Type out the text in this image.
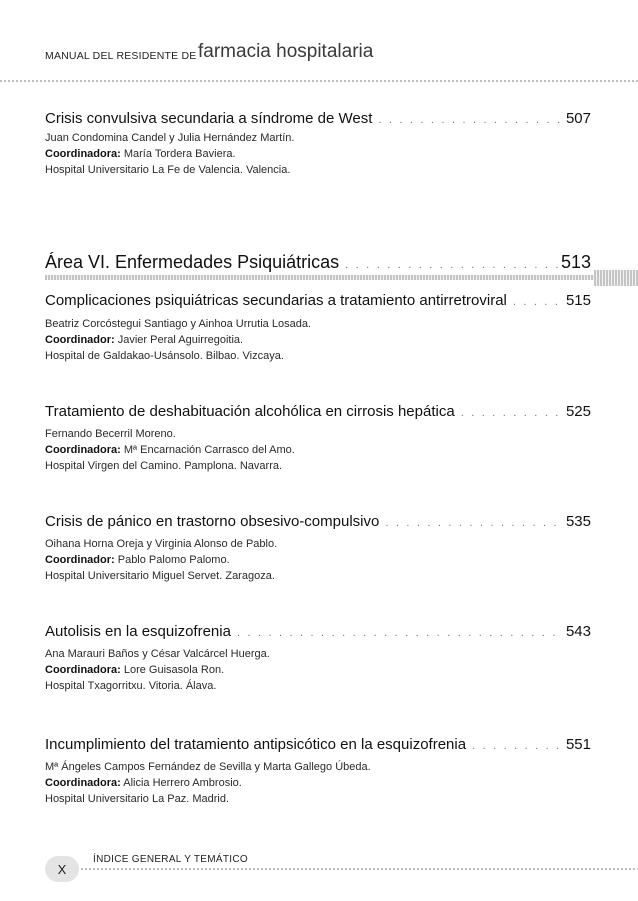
MANUAL DEL RESIDENTE DE farmacia hospitalaria
Crisis convulsiva secundaria a síndrome de West . . .	507
Juan Condomina Candel y Julia Hernández Martín.
Coordinadora: María Tordera Baviera.
Hospital Universitario La Fe de Valencia. Valencia.
Área VI. Enfermedades Psiquiátricas . . .	513
Complicaciones psiquiátricas secundarias a tratamiento antirretroviral . . .	515
Beatriz Corcóstegui Santiago y Ainhoa Urrutia Losada.
Coordinador: Javier Peral Aguirregoitia.
Hospital de Galdakao-Usánsolo. Bilbao. Vizcaya.
Tratamiento de deshabituación alcohólica en cirrosis hepática . . .	525
Fernando Becerril Moreno.
Coordinadora: Mª Encarnación Carrasco del Amo.
Hospital Virgen del Camino. Pamplona. Navarra.
Crisis de pánico en trastorno obsesivo-compulsivo . . .	535
Oihana Horna Oreja y Virginia Alonso de Pablo.
Coordinador: Pablo Palomo Palomo.
Hospital Universitario Miguel Servet. Zaragoza.
Autolisis en la esquizofrenia . . .	543
Ana Marauri Baños y César Valcárcel Huerga.
Coordinadora: Lore Guisasola Ron.
Hospital Txagorritxu. Vitoria. Álava.
Incumplimiento del tratamiento antipsicótico en la esquizofrenia . . .	551
Mª Ángeles Campos Fernández de Sevilla y Marta Gallego Úbeda.
Coordinadora: Alicia Herrero Ambrosio.
Hospital Universitario La Paz. Madrid.
X
ÍNDICE GENERAL Y TEMÁTICO
